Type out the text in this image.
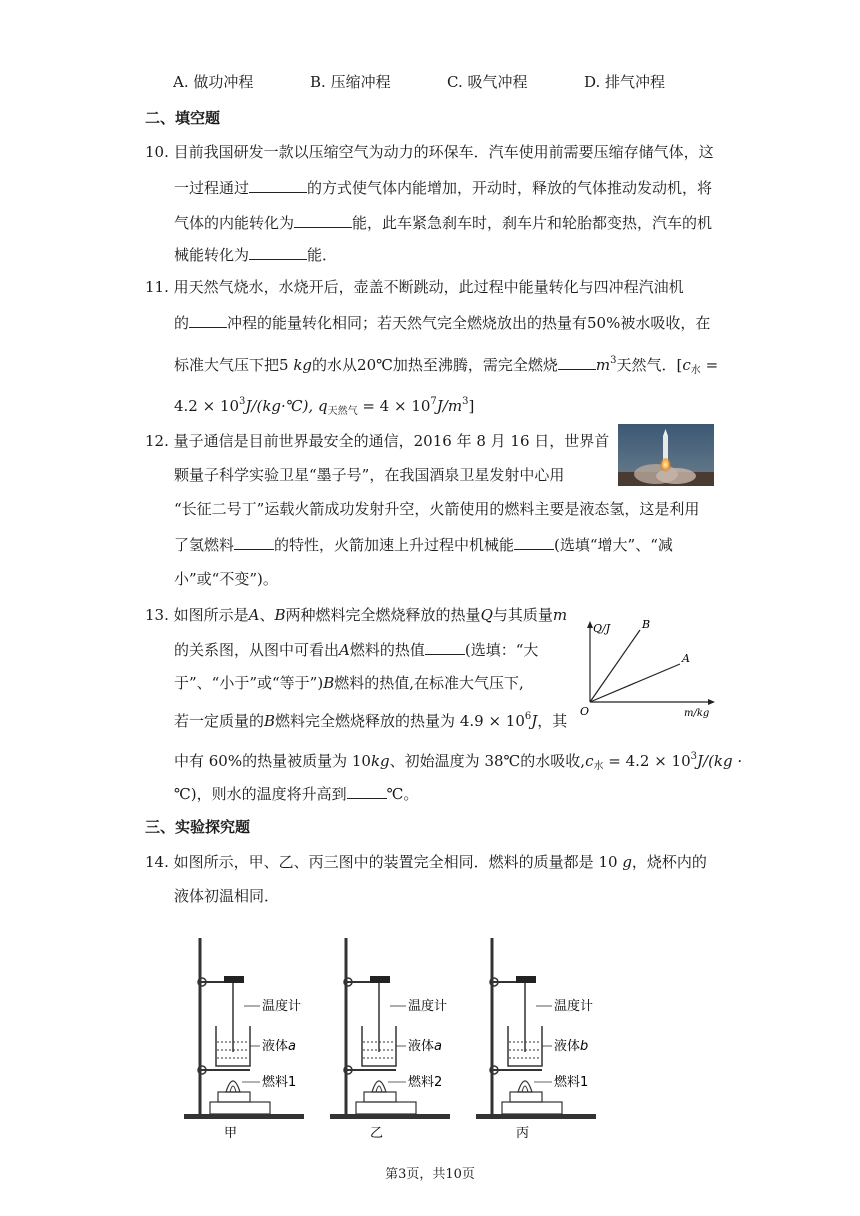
A. 做功冲程	B. 压缩冲程	C. 吸气冲程	D. 排气冲程
二、填空题
10. 目前我国研发一款以压缩空气为动力的环保车．汽车使用前需要压缩存储气体，这
一过程通过	的方式使气体内能增加，开动时，释放的气体推动发动机，将
气体的内能转化为	能，此车紧急刹车时，刹车片和轮胎都变热，汽车的机
械能转化为	能．
11. 用天然气烧水，水烧开后，壶盖不断跳动，此过程中能量转化与四冲程汽油机
的	冲程的能量转化相同；若天然气完全燃烧放出的热量有50%被水吸收，在
标准大气压下把5 kg的水从20℃加热至沸腾，需完全燃烧	$m^3$天然气．[$c_水$ =
$4.2 \times 10^3J/(kg\cdot℃)$, $q_{天然气} = 4 \times 10^7J/m^3$]
12. 量子通信是目前世界最安全的通信，2016 年 8 月 16 日，世界首
颗量子科学实验卫星“墨子号”，在我国酒泉卫星发射中心用
“长征二号丁”运载火箭成功发射升空，火箭使用的燃料主要是液态氢，这是利用
了氢燃料	的特性，火箭加速上升过程中机械能	(选填“增大”、“减
小”或“不变”)。
13. 如图所示是A、B两种燃料完全燃烧释放的热量Q与其质量m
的关系图，从图中可看出A燃料的热值	(选填：“大
于”、“小于”或“等于”)B燃料的热值,在标准大气压下,
若一定质量的B燃料完全燃烧释放的热量为 $4.9 \times 10^6J$，其
中有 60%的热量被质量为 10kg、初始温度为 38℃的水吸收$,c_水 = 4.2 \times 10^3J/(kg$ ·
℃)，则水的温度将升高到	℃。
Q/J	B
A
O	m/kg
三、实验探究题
14. 如图所示，甲、乙、丙三图中的装置完全相同．燃料的质量都是 10 g，烧杯内的
液体初温相同．
温度计
液体a
燃料1
甲
温度计
液体a
燃料2
乙
温度计
液体b
燃料1
丙
第3页，共10页
